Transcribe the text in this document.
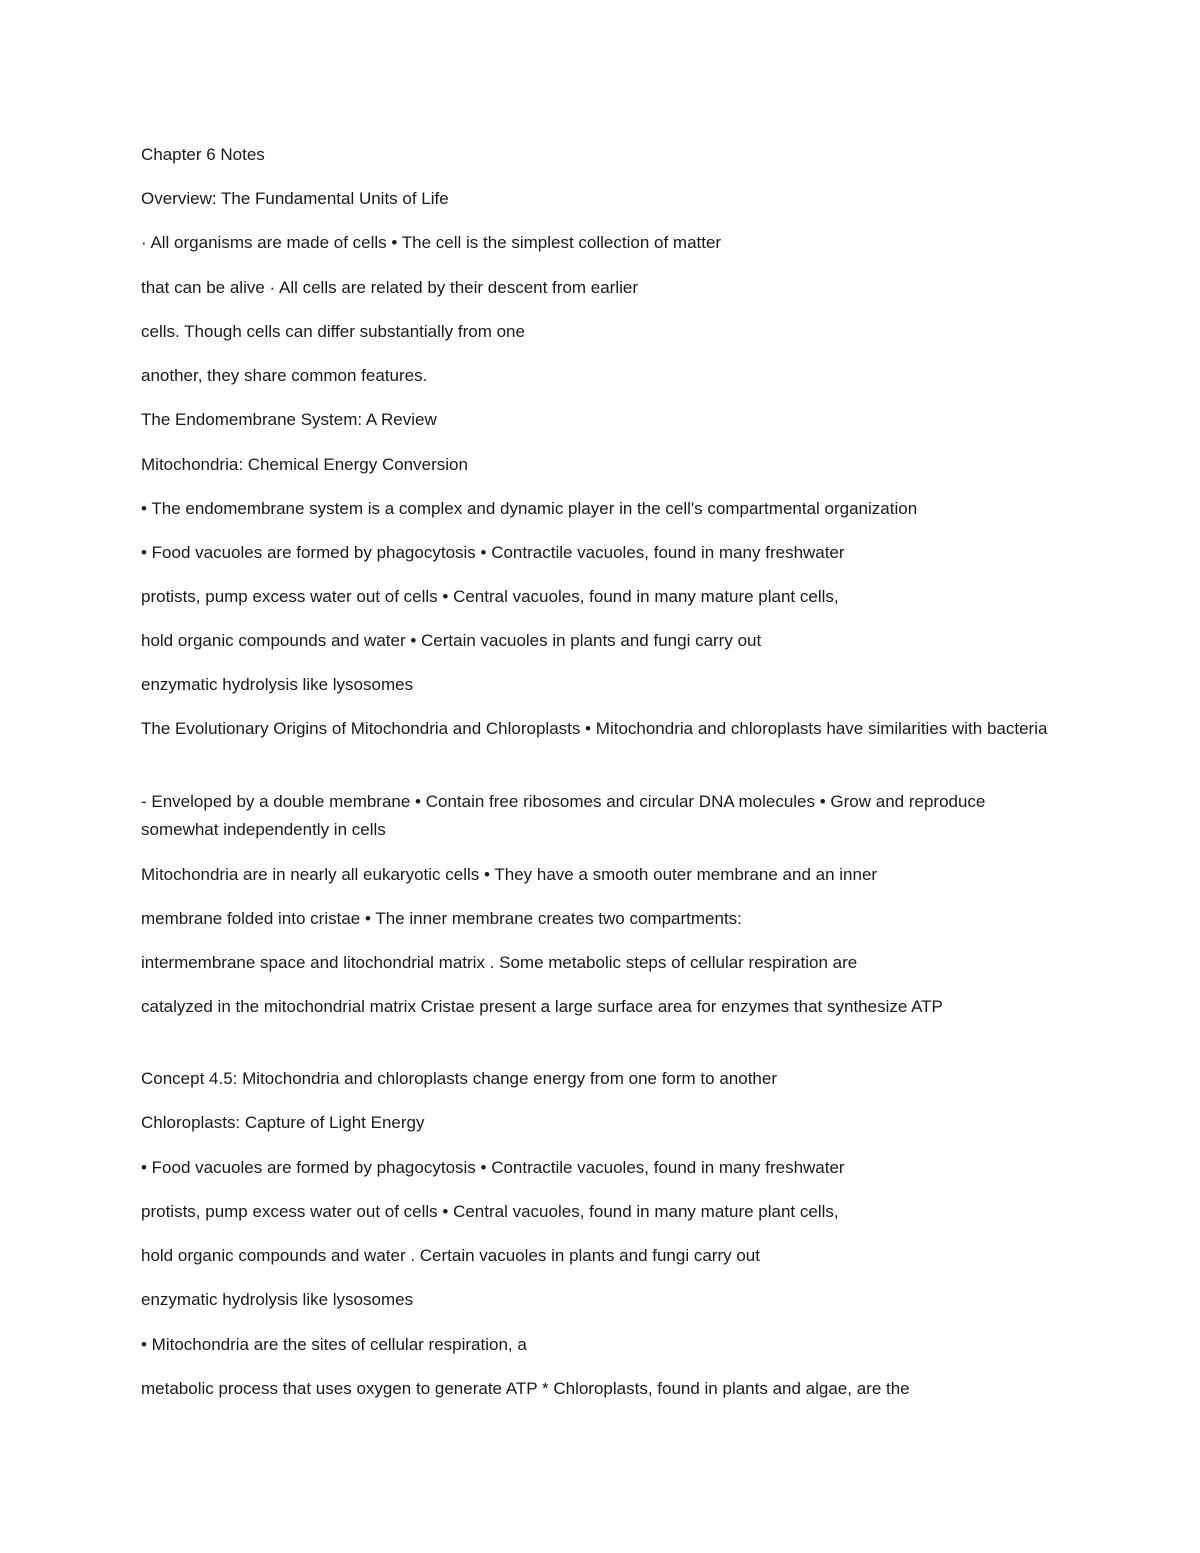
Chapter 6 Notes

Overview: The Fundamental Units of Life

· All organisms are made of cells • The cell is the simplest collection of matter

that can be alive · All cells are related by their descent from earlier

cells. Though cells can differ substantially from one

another, they share common features.

The Endomembrane System: A Review

Mitochondria: Chemical Energy Conversion

• The endomembrane system is a complex and dynamic player in the cell's compartmental organization

• Food vacuoles are formed by phagocytosis • Contractile vacuoles, found in many freshwater

protists, pump excess water out of cells • Central vacuoles, found in many mature plant cells,

hold organic compounds and water • Certain vacuoles in plants and fungi carry out

enzymatic hydrolysis like lysosomes

The Evolutionary Origins of Mitochondria and Chloroplasts • Mitochondria and chloroplasts have similarities with bacteria

- Enveloped by a double membrane • Contain free ribosomes and circular DNA molecules • Grow and reproduce somewhat independently in cells

Mitochondria are in nearly all eukaryotic cells • They have a smooth outer membrane and an inner

membrane folded into cristae • The inner membrane creates two compartments:

intermembrane space and litochondrial matrix . Some metabolic steps of cellular respiration are

catalyzed in the mitochondrial matrix Cristae present a large surface area for enzymes that synthesize ATP

Concept 4.5: Mitochondria and chloroplasts change energy from one form to another

Chloroplasts: Capture of Light Energy

• Food vacuoles are formed by phagocytosis • Contractile vacuoles, found in many freshwater

protists, pump excess water out of cells • Central vacuoles, found in many mature plant cells,

hold organic compounds and water . Certain vacuoles in plants and fungi carry out

enzymatic hydrolysis like lysosomes

• Mitochondria are the sites of cellular respiration, a

metabolic process that uses oxygen to generate ATP * Chloroplasts, found in plants and algae, are the
